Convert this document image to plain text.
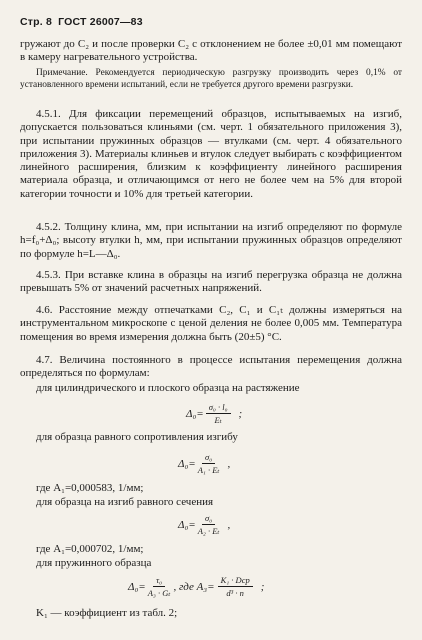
Стр. 8 ГОСТ 26007—83

гружают до C₂ и после проверки C₂ с отклонением не более ±0,01 мм помещают в камеру нагревательного устройства.

Примечание. Рекомендуется периодическую разгрузку производить через 0,1% от установленного времени испытаний, если не требуется другого времени разгрузки.

4.5.1. Для фиксации перемещений образцов, испытываемых на изгиб, допускается пользоваться клиньями (см. черт. 1 обязательного приложения 3), при испытании пружинных образцов — втулками (см. черт. 4 обязательного приложения 3). Материалы клиньев и втулок следует выбирать с коэффициентом линейного расширения, близким к коэффициенту линейного расширения материала образца, и отличающимся от него не более чем на 5% для второй категории точности и 10% для третьей категории.

4.5.2. Толщину клина, мм, при испытании на изгиб определяют по формуле h=f₀+Δ₀; высоту втулки h, мм, при испытании пружинных образцов определяют по формуле h=L—Δ₀.

4.5.3. При вставке клина в образцы на изгиб перегрузка образца не должна превышать 5% от значений расчетных напряжений.

4.6. Расстояние между отпечатками C₂, C₁ и C₁ₜ должны измеряться на инструментальном микроскопе с ценой деления не более 0,005 мм. Температура помещения во время измерения должна быть (20±5) °С.

4.7. Величина постоянного в процессе испытания перемещения должна определяться по формулам:

для цилиндрического и плоского образца на растяжение

$\Delta_0= \frac{\text{σ₀ · l₀}}{\text{Eₜ}}$ ;

для образца равного сопротивления изгибу

$\Delta_0= \frac{\text{σ₀}}{\text{A₁ · Eₜ}}$ ,

где A₁=0,000583, 1/мм;

для образца на изгиб равного сечения

$\Delta_0= \frac{\text{σ₀}}{\text{A₂ · Eₜ}}$ ,

где A₁=0,000702, 1/мм;

для пружинного образца

$\Delta_0= \frac{\text{τ₀}}{\text{A₃ · Gₜ}}$ , где $A_3= \frac{\text{K₁ · Dср}}{\text{d³ · n}}$ ;

K₁ — коэффициент из табл. 2;
